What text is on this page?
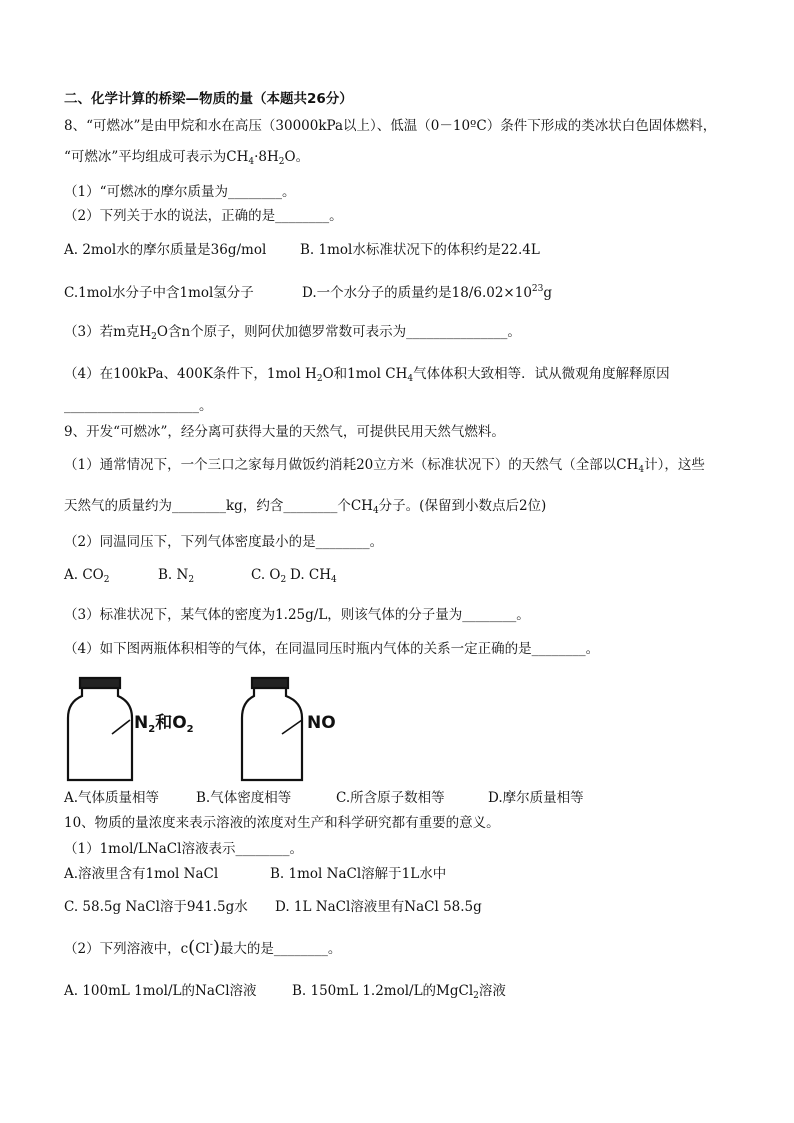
二、化学计算的桥梁—物质的量（本题共26分）
8、“可燃冰”是由甲烷和水在高压（30000kPa以上）、低温（0－10ºC）条件下形成的类冰状白色固体燃料，
“可燃冰”平均组成可表示为$CH_4\cdot 8H_2O$。
（1）“可燃冰的摩尔质量为________。
（2）下列关于水的说法，正确的是________。
A. 2mol水的摩尔质量是36g/mol B. 1mol水标准状况下的体积约是22.4L
C.1mol水分子中含1mol氢分子	D.一个水分子的质量约是$18/6.02\times 10^{23}g$
（3）若m克$H_2O$含n个原子，则阿伏加德罗常数可表示为_______________。
（4）在100kPa、400K条件下，1mol $H_2O$和1mol $CH_4$气体体积大致相等．试从微观角度解释原因
____________________。
9、开发“可燃冰”，经分离可获得大量的天然气，可提供民用天然气燃料。
（1）通常情况下，一个三口之家每月做饭约消耗20立方米（标准状况下）的天然气（全部以$CH_4$计），这些
天然气的质量约为________kg，约含________个$CH_4$分子。(保留到小数点后2位)
（2）同温同压下，下列气体密度最小的是________。
A. $CO_2$	B. $N_2$	C. $O_2$ D. $CH_4$
（3）标准状况下，某气体的密度为1.25g/L，则该气体的分子量为________。
（4）如下图两瓶体积相等的气体，在同温同压时瓶内气体的关系一定正确的是________。
$N_2$和$O_2$	NO
A.气体质量相等	B.气体密度相等	C.所含原子数相等	D.摩尔质量相等
10、物质的量浓度来表示溶液的浓度对生产和科学研究都有重要的意义。
（1）1mol/LNaCl溶液表示________。
A.溶液里含有1mol NaCl	B. 1mol NaCl溶解于1L水中
C. 58.5g NaCl溶于941.5g水 D. 1L NaCl溶液里有NaCl 58.5g
（2）下列溶液中，c(Cl-)最大的是________。
A. 100mL 1mol/L的NaCl溶液	B. 150mL 1.2mol/L的MgCl$_2$溶液
